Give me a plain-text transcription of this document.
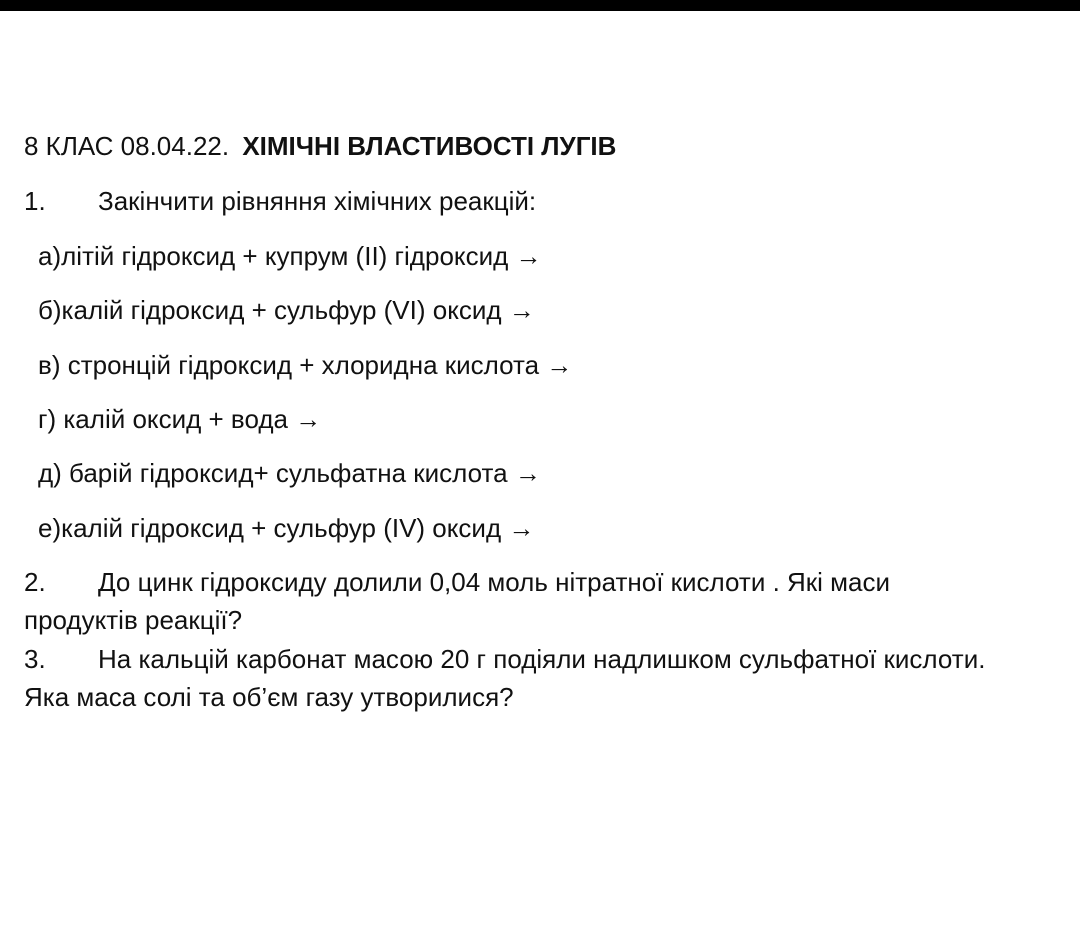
8 КЛАС 08.04.22. ХІМІЧНІ ВЛАСТИВОСТІ ЛУГІВ
1. Закінчити рівняння хімічних реакцій:
а)літій гідроксид + купрум (ІІ) гідроксид →
б)калій гідроксид + сульфур (VI) оксид →
в) стронцій гідроксид + хлоридна кислота →
г) калій оксид + вода →
д) барій гідроксид+ сульфатна кислота →
е)калій гідроксид + сульфур (IV) оксид →
2. До цинк гідроксиду долили 0,04 моль нітратної кислоти . Які маси
продуктів реакції?
3. На кальцій карбонат масою 20 г подіяли надлишком сульфатної кислоти.
Яка маса солі та об’єм газу утворилися?
